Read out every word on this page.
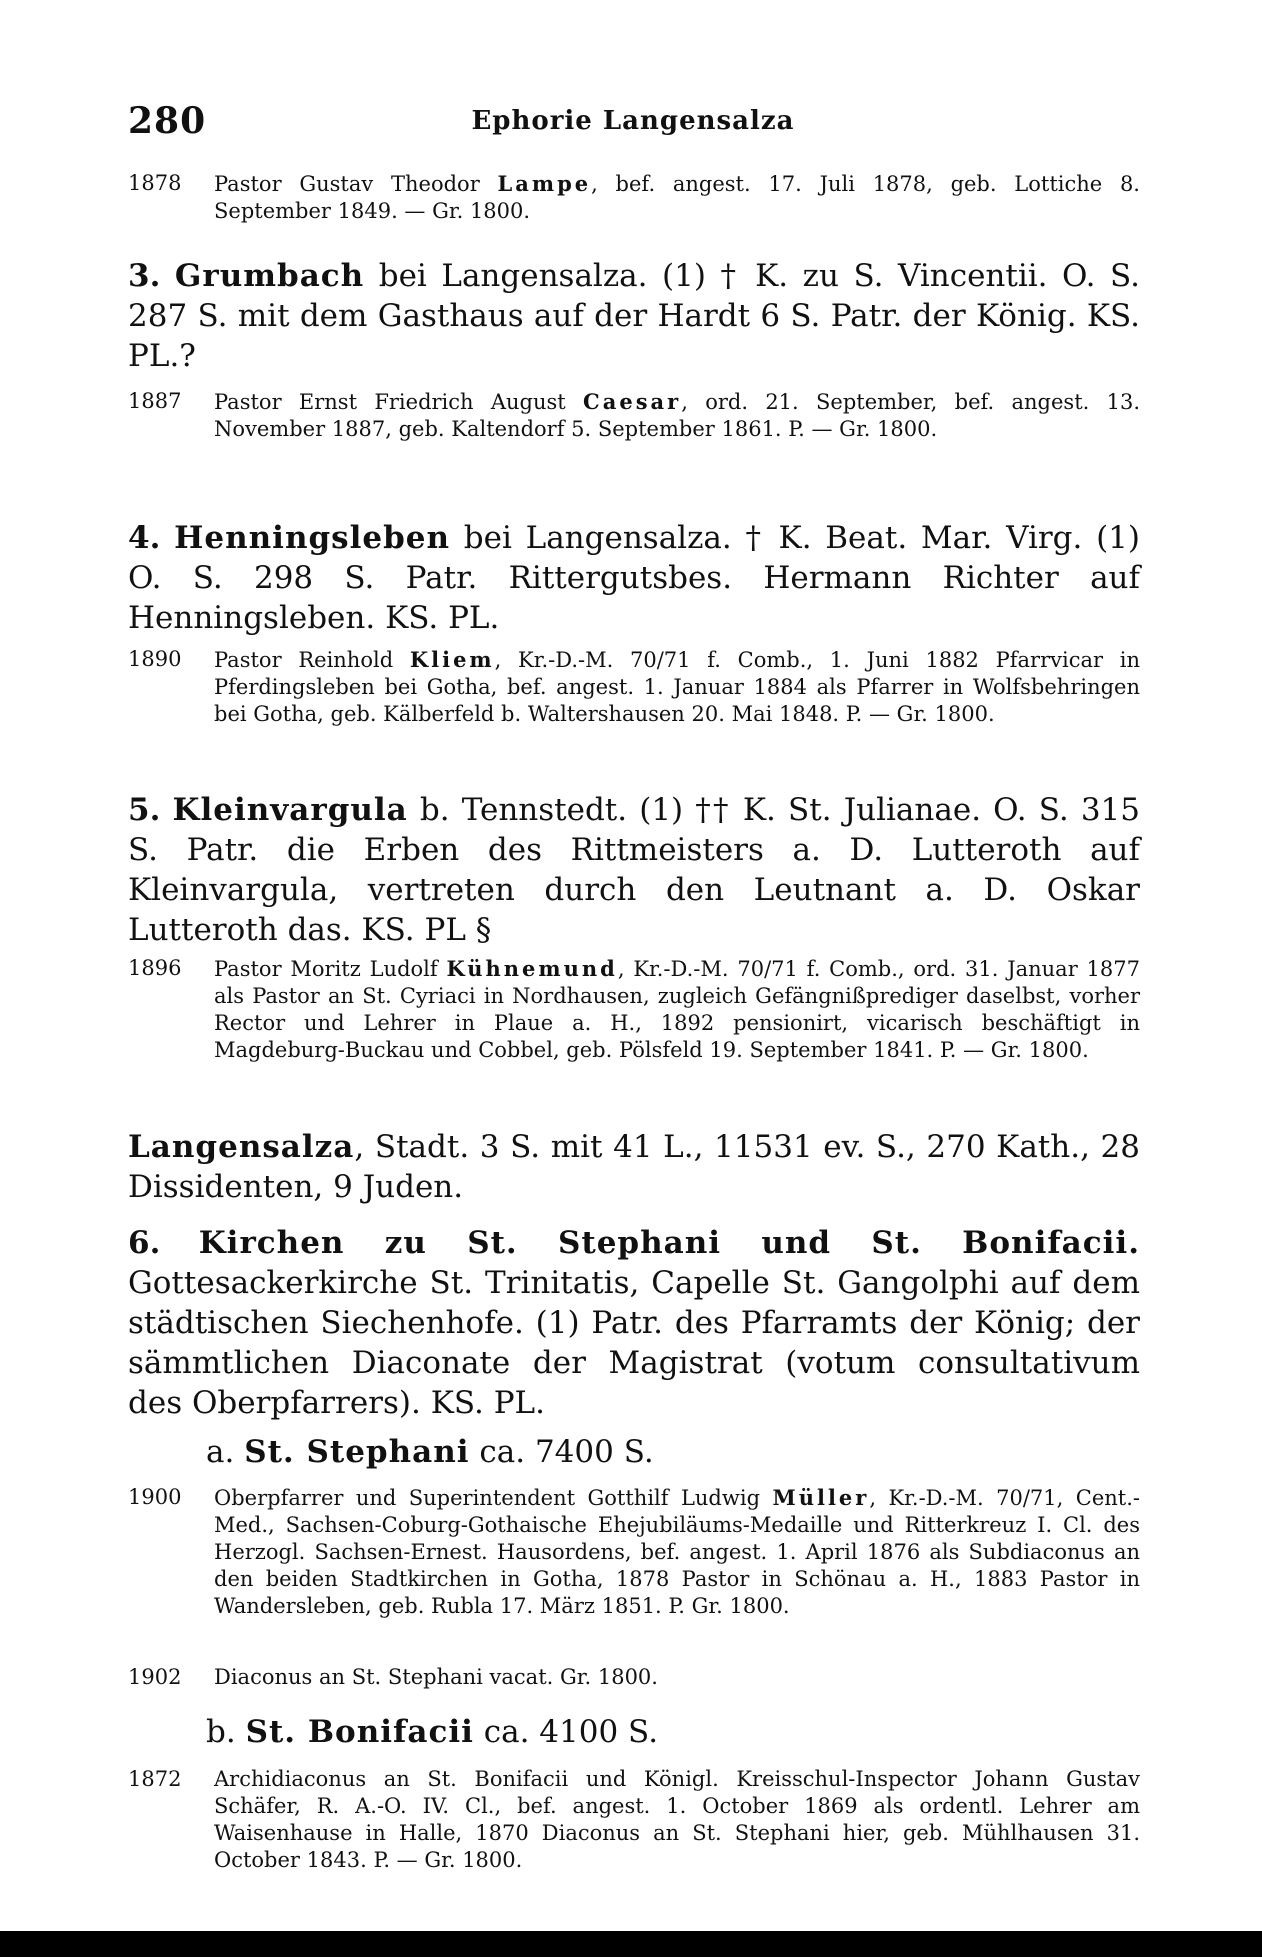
280	Ephorie Langensalza
1878	Pastor Gustav Theodor Lampe, bef. angest. 17. Juli 1878, geb. Lottiche 8. September 1849. — Gr. 1800.
3. Grumbach bei Langensalza. (1) † K. zu S. Vincentii. O. S. 287 S. mit dem Gasthaus auf der Hardt 6 S. Patr. der König. KS. PL.?
1887	Pastor Ernst Friedrich August Caesar, ord. 21. September, bef. angest. 13. November 1887, geb. Kaltendorf 5. September 1861. P. — Gr. 1800.
4. Henningsleben bei Langensalza. † K. Beat. Mar. Virg. (1) O. S. 298 S. Patr. Rittergutsbes. Hermann Richter auf Henningsleben. KS. PL.
1890	Pastor Reinhold Kliem, Kr.-D.-M. 70/71 f. Comb., 1. Juni 1882 Pfarrvicar in Pferdingsleben bei Gotha, bef. angest. 1. Januar 1884 als Pfarrer in Wolfsbehringen bei Gotha, geb. Kälberfeld b. Waltershausen 20. Mai 1848. P. — Gr. 1800.
5. Kleinvargula b. Tennstedt. (1) †† K. St. Julianae. O. S. 315 S. Patr. die Erben des Rittmeisters a. D. Lutteroth auf Kleinvargula, vertreten durch den Leutnant a. D. Oskar Lutteroth das. KS. PL §
1896	Pastor Moritz Ludolf Kühnemund, Kr.-D.-M. 70/71 f. Comb., ord. 31. Januar 1877 als Pastor an St. Cyriaci in Nordhausen, zugleich Gefängnißprediger daselbst, vorher Rector und Lehrer in Plaue a. H., 1892 pensionirt, vicarisch beschäftigt in Magdeburg-Buckau und Cobbel, geb. Pölsfeld 19. September 1841. P. — Gr. 1800.
Langensalza, Stadt. 3 S. mit 41 L., 11531 ev. S., 270 Kath., 28 Dissidenten, 9 Juden.
6. Kirchen zu St. Stephani und St. Bonifacii. Gottesackerkirche St. Trinitatis, Capelle St. Gangolphi auf dem städtischen Siechenhofe. (1) Patr. des Pfarramts der König; der sämmtlichen Diaconate der Magistrat (votum consultativum des Oberpfarrers). KS. PL.
a. St. Stephani ca. 7400 S.
1900	Oberpfarrer und Superintendent Gotthilf Ludwig Müller, Kr.-D.-M. 70/71, Cent.-Med., Sachsen-Coburg-Gothaische Ehejubiläums-Medaille und Ritterkreuz I. Cl. des Herzogl. Sachsen-Ernest. Hausordens, bef. angest. 1. April 1876 als Subdiaconus an den beiden Stadtkirchen in Gotha, 1878 Pastor in Schönau a. H., 1883 Pastor in Wandersleben, geb. Rubla 17. März 1851. P. Gr. 1800.
1902	Diaconus an St. Stephani vacat. Gr. 1800.
b. St. Bonifacii ca. 4100 S.
1872	Archidiaconus an St. Bonifacii und Königl. Kreisschul-Inspector Johann Gustav Schäfer, R. A.-O. IV. Cl., bef. angest. 1. October 1869 als ordentl. Lehrer am Waisenhause in Halle, 1870 Diaconus an St. Stephani hier, geb. Mühlhausen 31. October 1843. P. — Gr. 1800.
